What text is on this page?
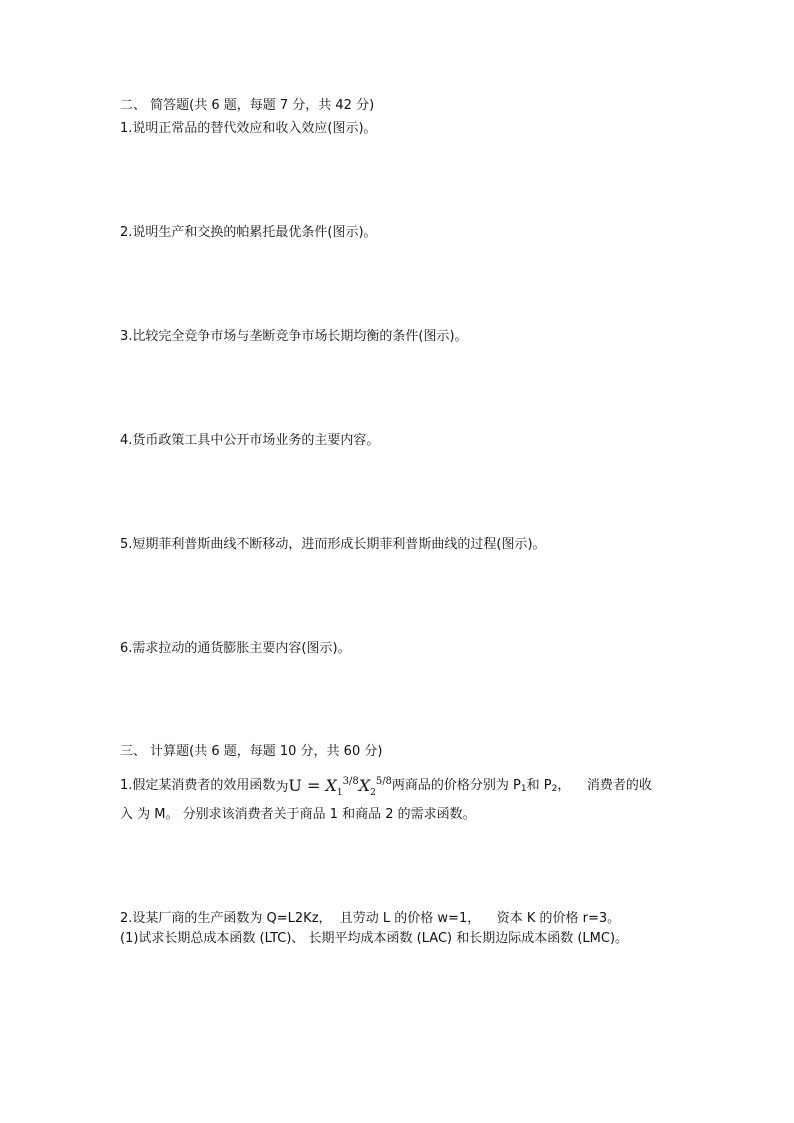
二、 简答题(共 6 题，每题 7 分，共 42 分)
1.说明正常品的替代效应和收入效应(图示)。
2.说明生产和交换的帕累托最优条件(图示)。
3.比较完全竞争市场与垄断竞争市场长期均衡的条件(图示)。
4.货币政策工具中公开市场业务的主要内容。
5.短期菲利普斯曲线不断移动，进而形成长期菲利普斯曲线的过程(图示)。
6.需求拉动的通货膨胀主要内容(图示)。
三、 计算题(共 6 题，每题 10 分，共 60 分)
1.假定某消费者的效用函数为$U = X_1^{3/8}X_2^{5/8}$两商品的价格分别为 P1和 P2，    消费者的收
入 为 M。 分别求该消费者关于商品 1 和商品 2 的需求函数。
2.设某厂商的生产函数为 Q=L2Kz，  且劳动 L 的价格 w=1，    资本 K 的价格 r=3。
(1)试求长期总成本函数 (LTC)、 长期平均成本函数 (LAC) 和长期边际成本函数 (LMC)。
